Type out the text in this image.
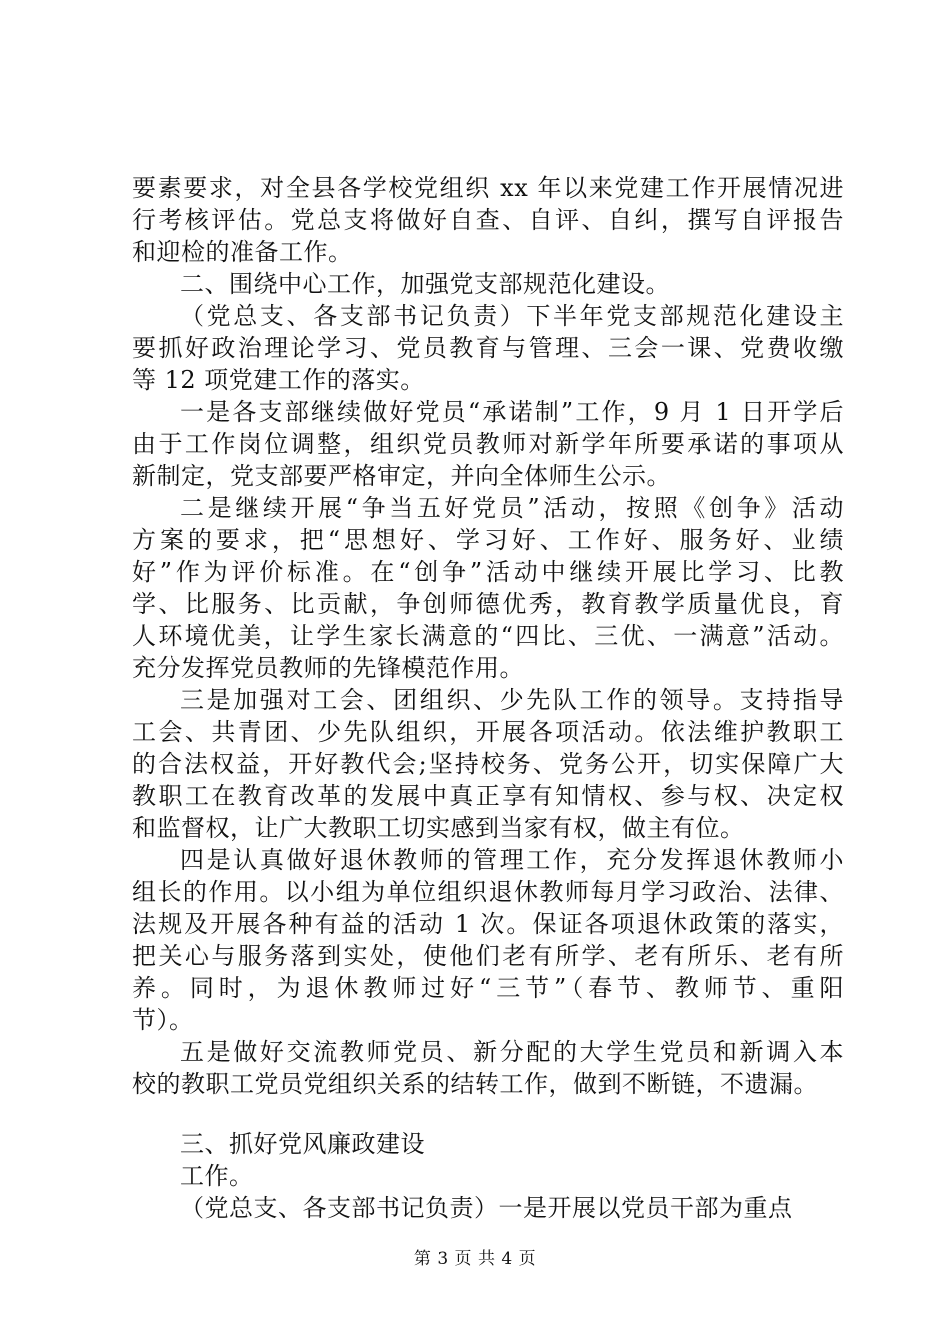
要素要求，对全县各学校党组织 xx 年以来党建工作开展情况进
行考核评估。党总支将做好自查、自评、自纠，撰写自评报告
和迎检的准备工作。
二、围绕中心工作，加强党支部规范化建设。
（党总支、各支部书记负责）下半年党支部规范化建设主
要抓好政治理论学习、党员教育与管理、三会一课、党费收缴
等 12 项党建工作的落实。
一是各支部继续做好党员“承诺制”工作，9 月 1 日开学后
由于工作岗位调整，组织党员教师对新学年所要承诺的事项从
新制定，党支部要严格审定，并向全体师生公示。
二是继续开展“争当五好党员”活动，按照《创争》活动
方案的要求，把“思想好、学习好、工作好、服务好、业绩
好”作为评价标准。在“创争”活动中继续开展比学习、比教
学、比服务、比贡献，争创师德优秀，教育教学质量优良，育
人环境优美，让学生家长满意的“四比、三优、一满意”活动。
充分发挥党员教师的先锋模范作用。
三是加强对工会、团组织、少先队工作的领导。支持指导
工会、共青团、少先队组织，开展各项活动。依法维护教职工
的合法权益，开好教代会;坚持校务、党务公开，切实保障广大
教职工在教育改革的发展中真正享有知情权、参与权、决定权
和监督权，让广大教职工切实感到当家有权，做主有位。
四是认真做好退休教师的管理工作，充分发挥退休教师小
组长的作用。以小组为单位组织退休教师每月学习政治、法律、
法规及开展各种有益的活动 1 次。保证各项退休政策的落实，
把关心与服务落到实处，使他们老有所学、老有所乐、老有所
养。同时，为退休教师过好“三节”（春节、教师节、重阳
节）。
五是做好交流教师党员、新分配的大学生党员和新调入本
校的教职工党员党组织关系的结转工作，做到不断链，不遗漏。
三、抓好党风廉政建设
工作。
（党总支、各支部书记负责）一是开展以党员干部为重点
第 3 页 共 4 页
